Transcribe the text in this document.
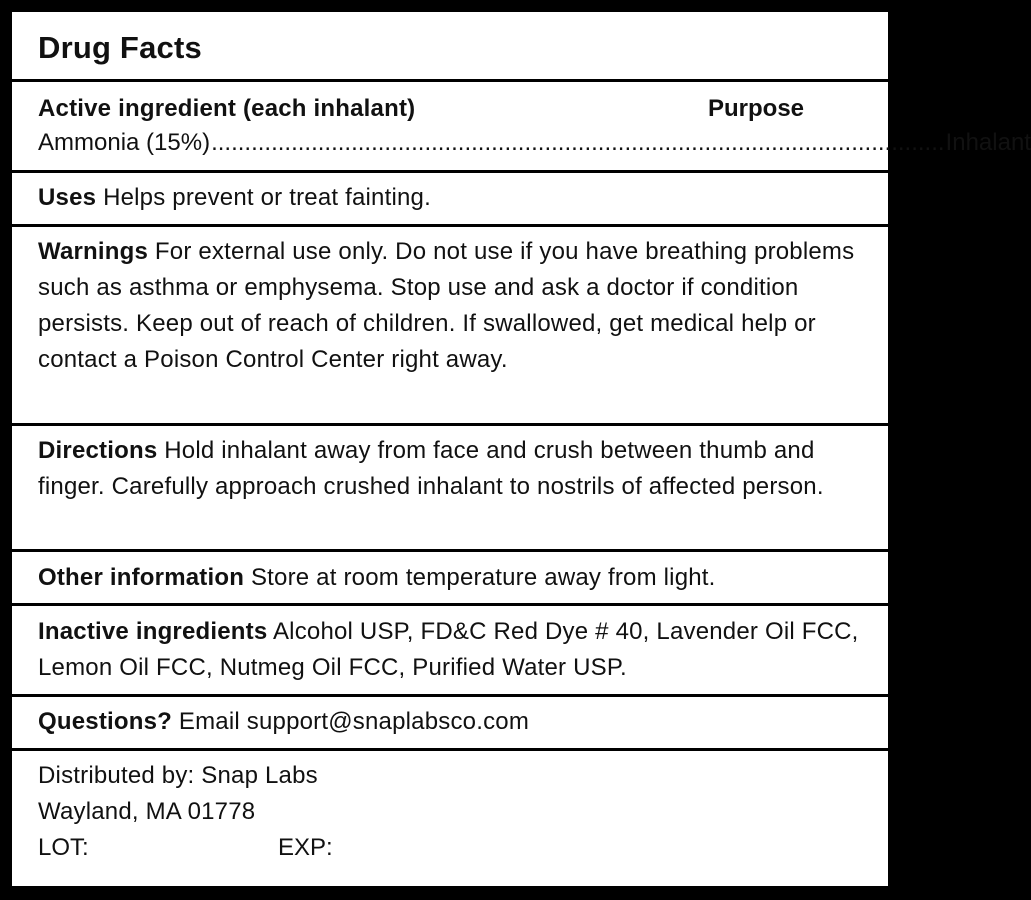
Drug Facts
Active ingredient (each inhalant)	Purpose
Ammonia (15%) .............................................................................................................. Inhalant
Uses Helps prevent or treat fainting.
Warnings For external use only. Do not use if you have breathing problems such as asthma or emphysema. Stop use and ask a doctor if condition persists. Keep out of reach of children. If swallowed, get medical help or contact a Poison Control Center right away.
Directions Hold inhalant away from face and crush between thumb and finger. Carefully approach crushed inhalant to nostrils of affected person.
Other information Store at room temperature away from light.
Inactive ingredients Alcohol USP, FD&C Red Dye # 40, Lavender Oil FCC, Lemon Oil FCC, Nutmeg Oil FCC, Purified Water USP.
Questions? Email support@snaplabsco.com
Distributed by: Snap Labs
Wayland, MA 01778
LOT:	EXP:
